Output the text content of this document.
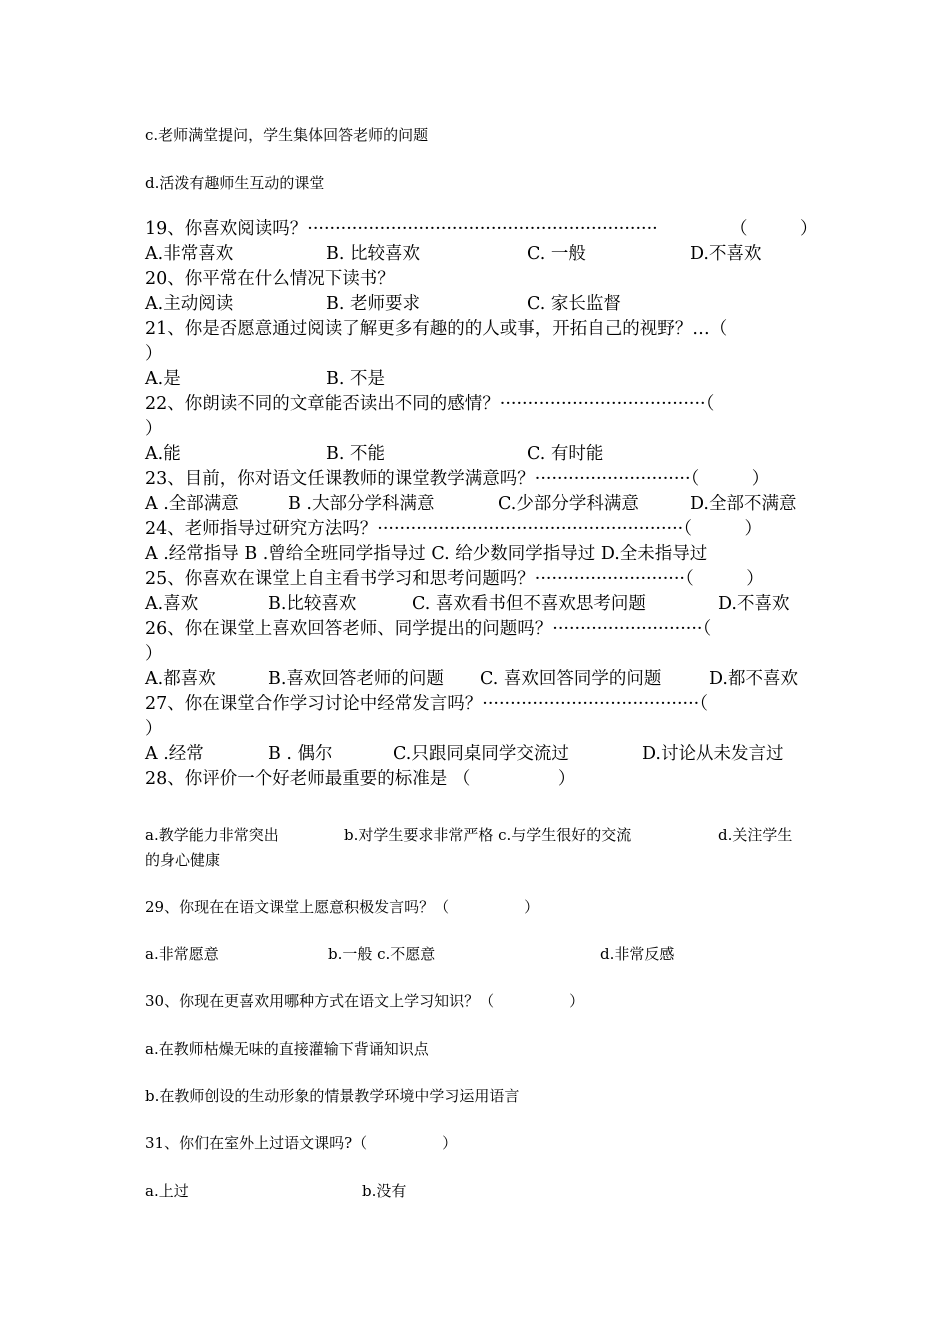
c.老师满堂提问，学生集体回答老师的问题
d.活泼有趣师生互动的课堂
19、你喜欢阅读吗？·······························································	（　　　）
A.非常喜欢	B. 比较喜欢	C. 一般	D.不喜欢
20、你平常在什么情况下读书？
A.主动阅读	B. 老师要求	C. 家长监督
21、你是否愿意通过阅读了解更多有趣的的人或事，开拓自己的视野？…（
）
A.是	B. 不是
22、你朗读不同的文章能否读出不同的感情？·····································（
）
A.能	B. 不能	C. 有时能
23、目前，你对语文任课教师的课堂教学满意吗？····························（　　　）
A .全部满意	B .大部分学科满意	C.少部分学科满意	D.全部不满意
24、老师指导过研究方法吗？·······················································（　　　）
A .经常指导 B .曾给全班同学指导过 C. 给少数同学指导过 D.全未指导过
25、你喜欢在课堂上自主看书学习和思考问题吗？···························（　　　）
A.喜欢	B.比较喜欢	C. 喜欢看书但不喜欢思考问题	D.不喜欢
26、你在课堂上喜欢回答老师、同学提出的问题吗？···························（
）
A.都喜欢	B.喜欢回答老师的问题 C. 喜欢回答同学的问题	D.都不喜欢
27、你在课堂合作学习讨论中经常发言吗？·······································（
）
A .经常	B . 偶尔	C.只跟同桌同学交流过	D.讨论从未发言过
28、你评价一个好老师最重要的标准是 （　　　　　）
a.教学能力非常突出	b.对学生要求非常严格 c.与学生很好的交流	d.关注学生
的身心健康
29、你现在在语文课堂上愿意积极发言吗？（　　　　　）
a.非常愿意	b.一般 c.不愿意	d.非常反感
30、你现在更喜欢用哪种方式在语文上学习知识？（　　　　　）
a.在教师枯燥无味的直接灌输下背诵知识点
b.在教师创设的生动形象的情景教学环境中学习运用语言
31、你们在室外上过语文课吗?（　　　　　）
a.上过	b.没有
